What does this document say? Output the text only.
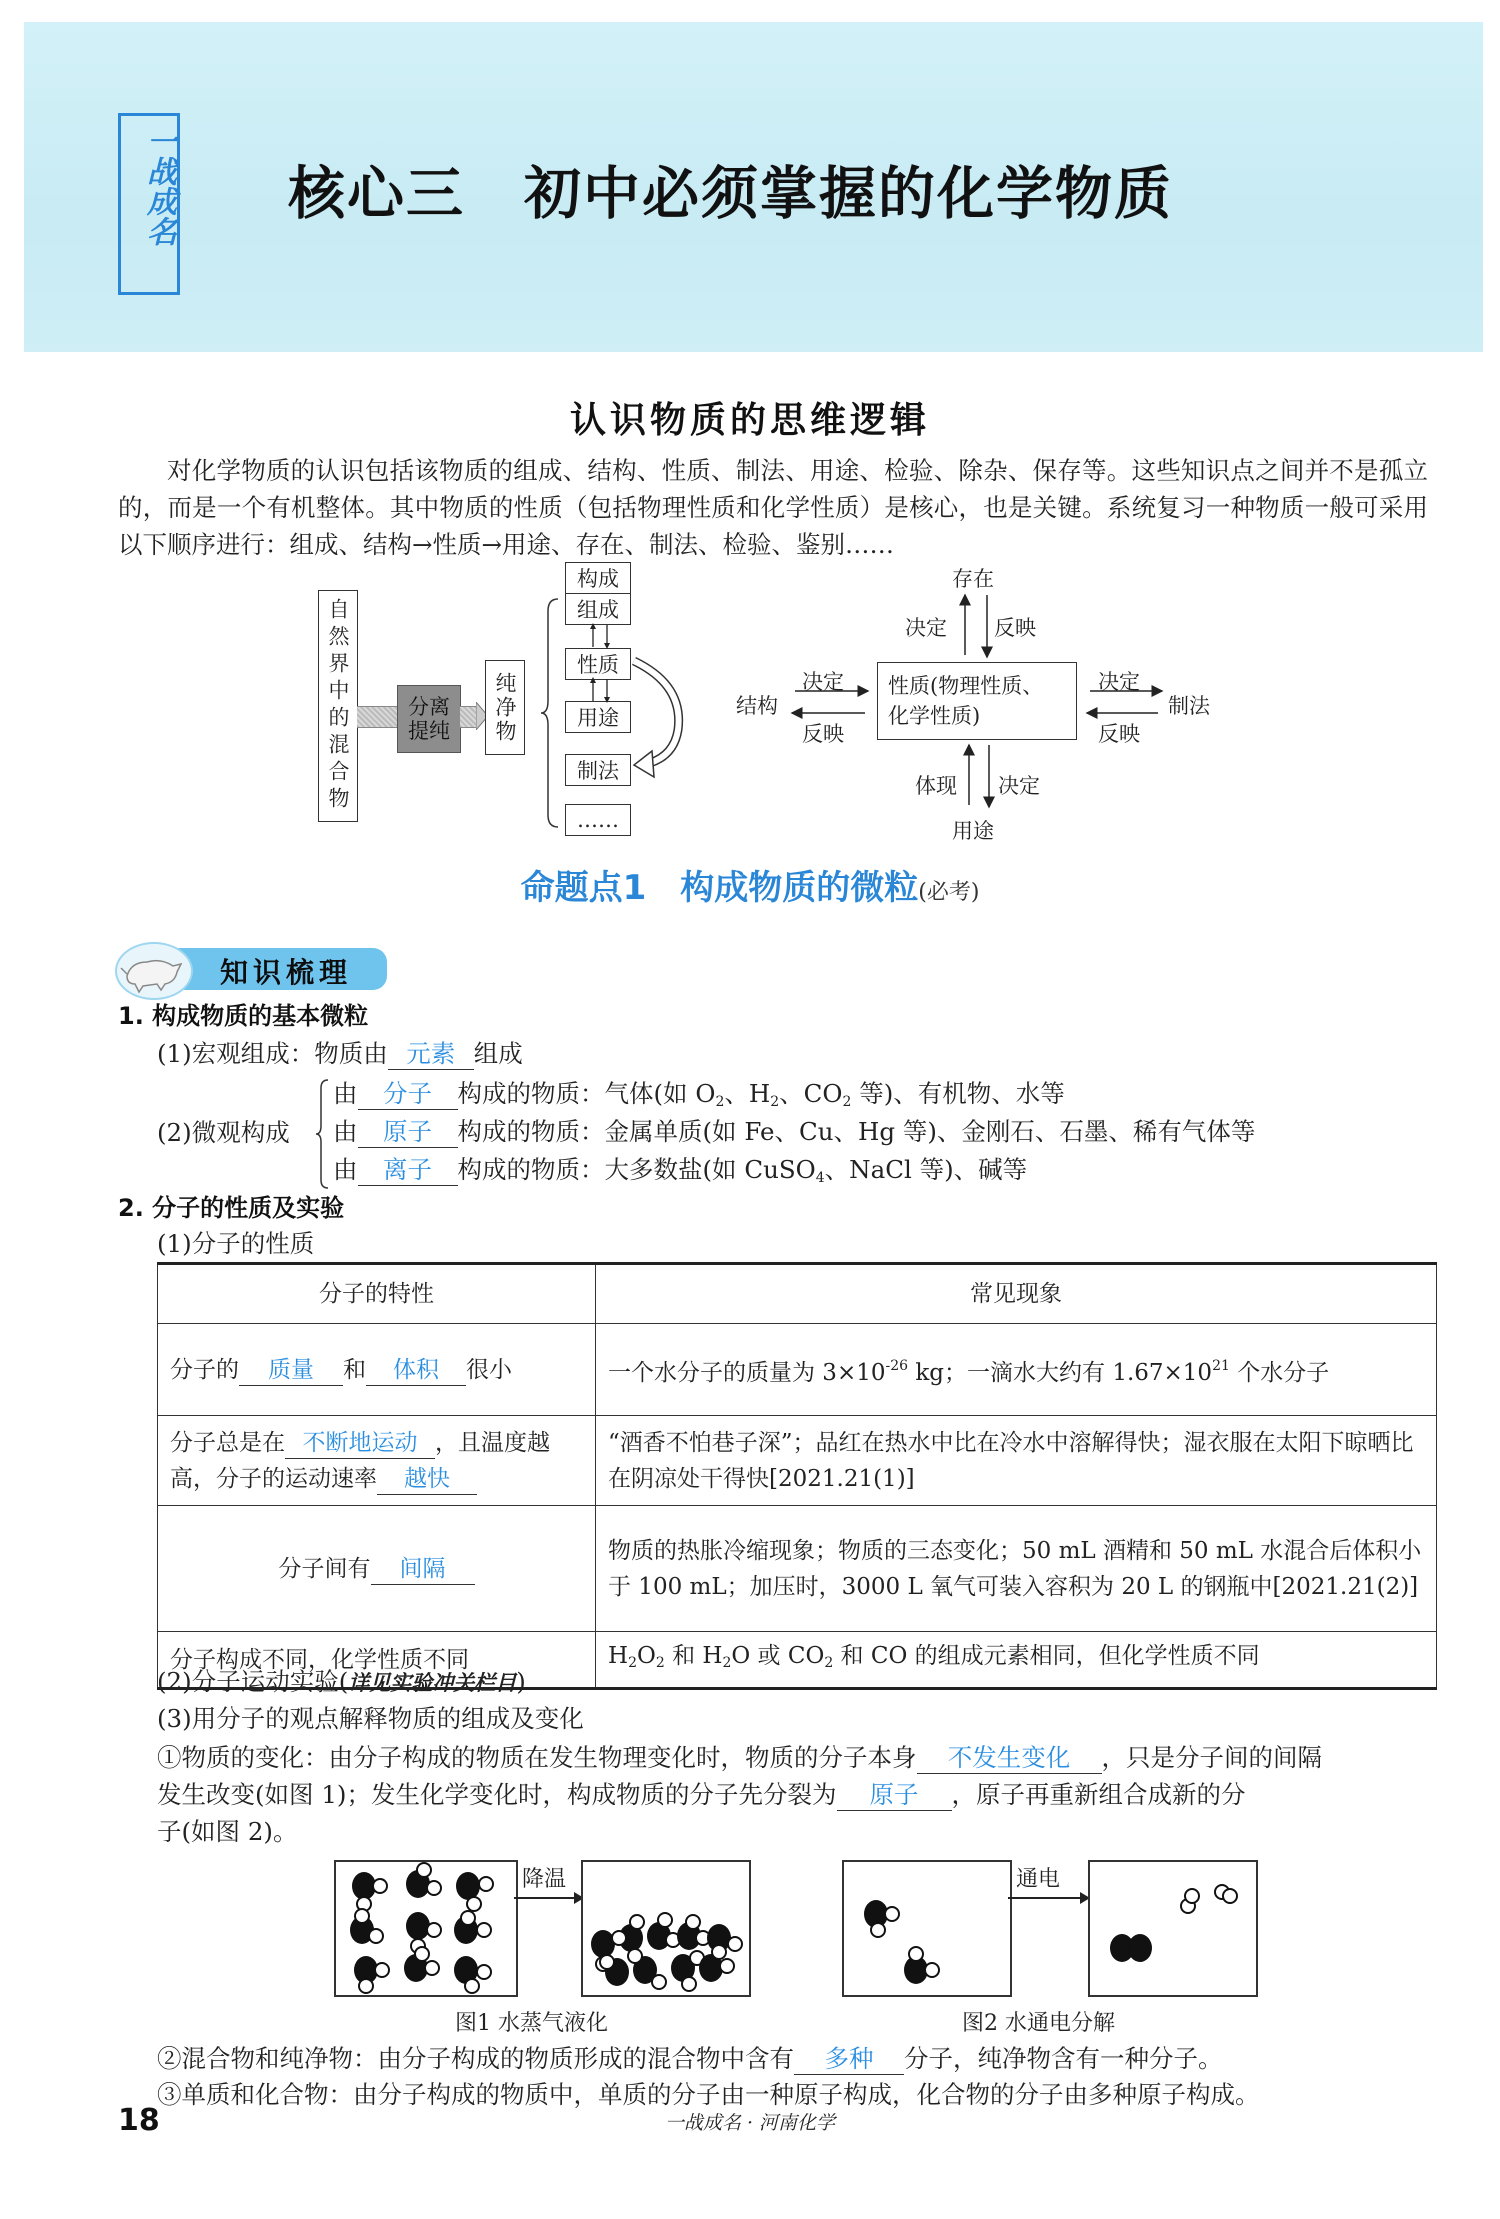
一战成名 核心三　初中必须掌握的化学物质
认识物质的思维逻辑

对化学物质的认识包括该物质的组成、结构、性质、制法、用途、检验、除杂、保存等。这些知识点之间并不是孤立的，而是一个有机整体。其中物质的性质（包括物理性质和化学性质）是核心，也是关键。系统复习一种物质一般可采用以下顺序进行：组成、结构→性质→用途、存在、制法、检验、鉴别……

自然界中的混合物	分离
提纯 纯净物
构成
组成
性质
用途
制法
……
性质(物理性质、
化学性质)
存在
用途
结构	制法
决定 反映
决定
反映
决定
反映
体现 决定
命题点1　构成物质的微粒(必考)
知识梳理
1. 构成物质的基本微粒
(1)宏观组成：物质由 元素 组成
(2)微观构成
由 分子 构成的物质：气体(如 $O_2$、$H_2$、$CO_2$ 等)、有机物、水等
由 原子 构成的物质：金属单质(如 Fe、Cu、Hg 等)、金刚石、石墨、稀有气体等
由 离子 构成的物质：大多数盐(如 CuSO$_4$、NaCl 等)、碱等
2. 分子的性质及实验
(1)分子的性质
分子的特性	常见现象
分子的 质量 和 体积 很小	一个水分子的质量为 $3\times 10^{-26}$ kg；一滴水大约有 $1.67\times 10^{21}$ 个水分子
分子总是在 不断地运动 ，且温度越高，分子的运动速率 越快	“酒香不怕巷子深”；品红在热水中比在冷水中溶解得快；湿衣服在太阳下晾晒比在阴凉处干得快[2021.21(1)]
分子间有 间隔	物质的热胀冷缩现象；物质的三态变化；50 mL 酒精和 50 mL 水混合后体积小于 100 mL；加压时，3000 L 氧气可装入容积为 20 L 的钢瓶中[2021.21(2)]
分子构成不同，化学性质不同	$H_2O_2$ 和 $H_2O$ 或 $CO_2$ 和 CO 的组成元素相同，但化学性质不同
(2)分子运动实验(详见实验冲关栏目)
(3)用分子的观点解释物质的组成及变化
①物质的变化：由分子构成的物质在发生物理变化时，物质的分子本身 不发生变化 ，只是分子间的间隔
发生改变(如图 1)；发生化学变化时，构成物质的分子先分裂为 原子 ，原子再重新组合成新的分
子(如图 2)。
降温
图1 水蒸气液化
通电
图2 水通电分解
②混合物和纯净物：由分子构成的物质形成的混合物中含有 多种 分子，纯净物含有一种分子。
③单质和化合物：由分子构成的物质中，单质的分子由一种原子构成，化合物的分子由多种原子构成。
18	一战成名 · 河南化学
